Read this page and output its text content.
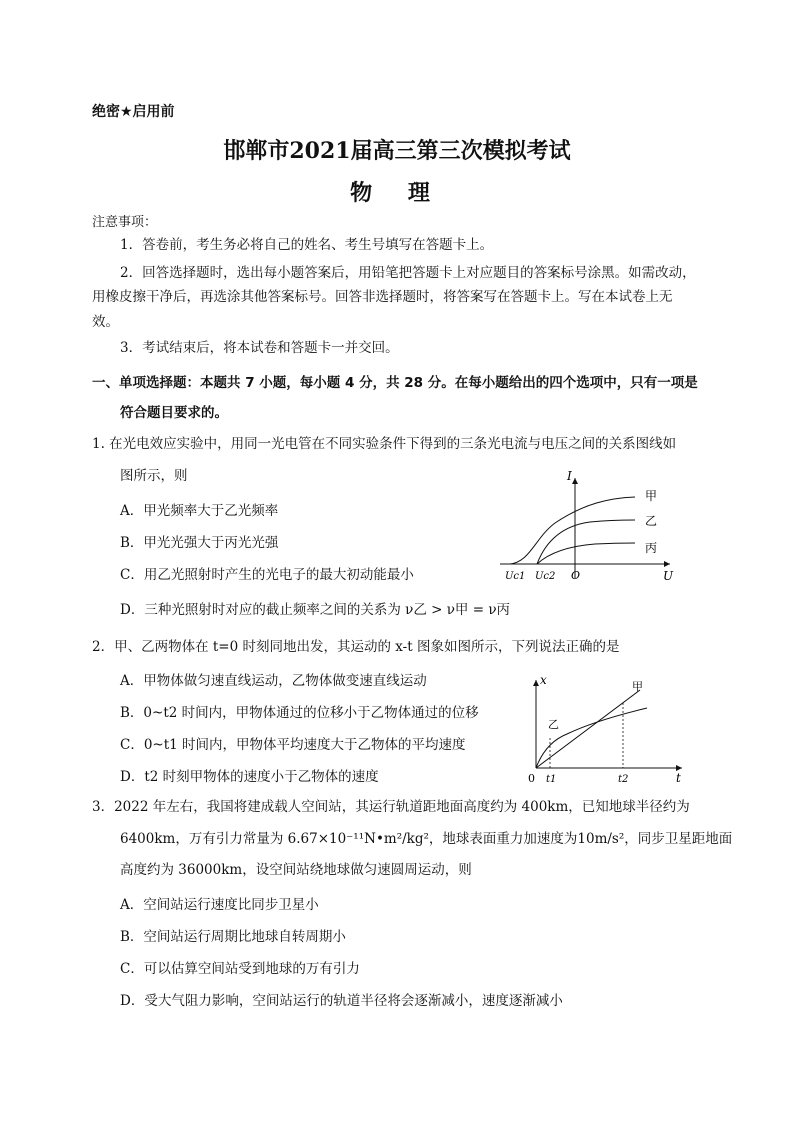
绝密★启用前
邯郸市2021届高三第三次模拟考试
物 理
注意事项：
1．答卷前，考生务必将自己的姓名、考生号填写在答题卡上。
2．回答选择题时，选出每小题答案后，用铅笔把答题卡上对应题目的答案标号涂黑。如需改动，
用橡皮擦干净后，再选涂其他答案标号。回答非选择题时，将答案写在答题卡上。写在本试卷上无
效。
3．考试结束后，将本试卷和答题卡一并交回。
一、单项选择题：本题共 7 小题，每小题 4 分，共 28 分。在每小题给出的四个选项中，只有一项是
符合题目要求的。
1. 在光电效应实验中，用同一光电管在不同实验条件下得到的三条光电流与电压之间的关系图线如
图所示，则
A．甲光频率大于乙光频率
B．甲光光强大于丙光光强
C．用乙光照射时产生的光电子的最大初动能最小
D．三种光照射时对应的截止频率之间的关系为 ν乙 > ν甲 = ν丙
I
U
O
Uc1 Uc2
甲
乙
丙
2．甲、乙两物体在 t=0 时刻同地出发，其运动的 x-t 图象如图所示，下列说法正确的是
A．甲物体做匀速直线运动，乙物体做变速直线运动
B．0~t2 时间内，甲物体通过的位移小于乙物体通过的位移
C．0~t1 时间内，甲物体平均速度大于乙物体的平均速度
D．t2 时刻甲物体的速度小于乙物体的速度
x
t
0 t1	t2
甲
乙
3．2022 年左右，我国将建成载人空间站，其运行轨道距地面高度约为 400km，已知地球半径约为
6400km，万有引力常量为 6.67×10⁻¹¹N•m²/kg²，地球表面重力加速度为10m/s²，同步卫星距地面
高度约为 36000km，设空间站绕地球做匀速圆周运动，则
A．空间站运行速度比同步卫星小
B．空间站运行周期比地球自转周期小
C．可以估算空间站受到地球的万有引力
D．受大气阻力影响，空间站运行的轨道半径将会逐渐减小，速度逐渐减小
